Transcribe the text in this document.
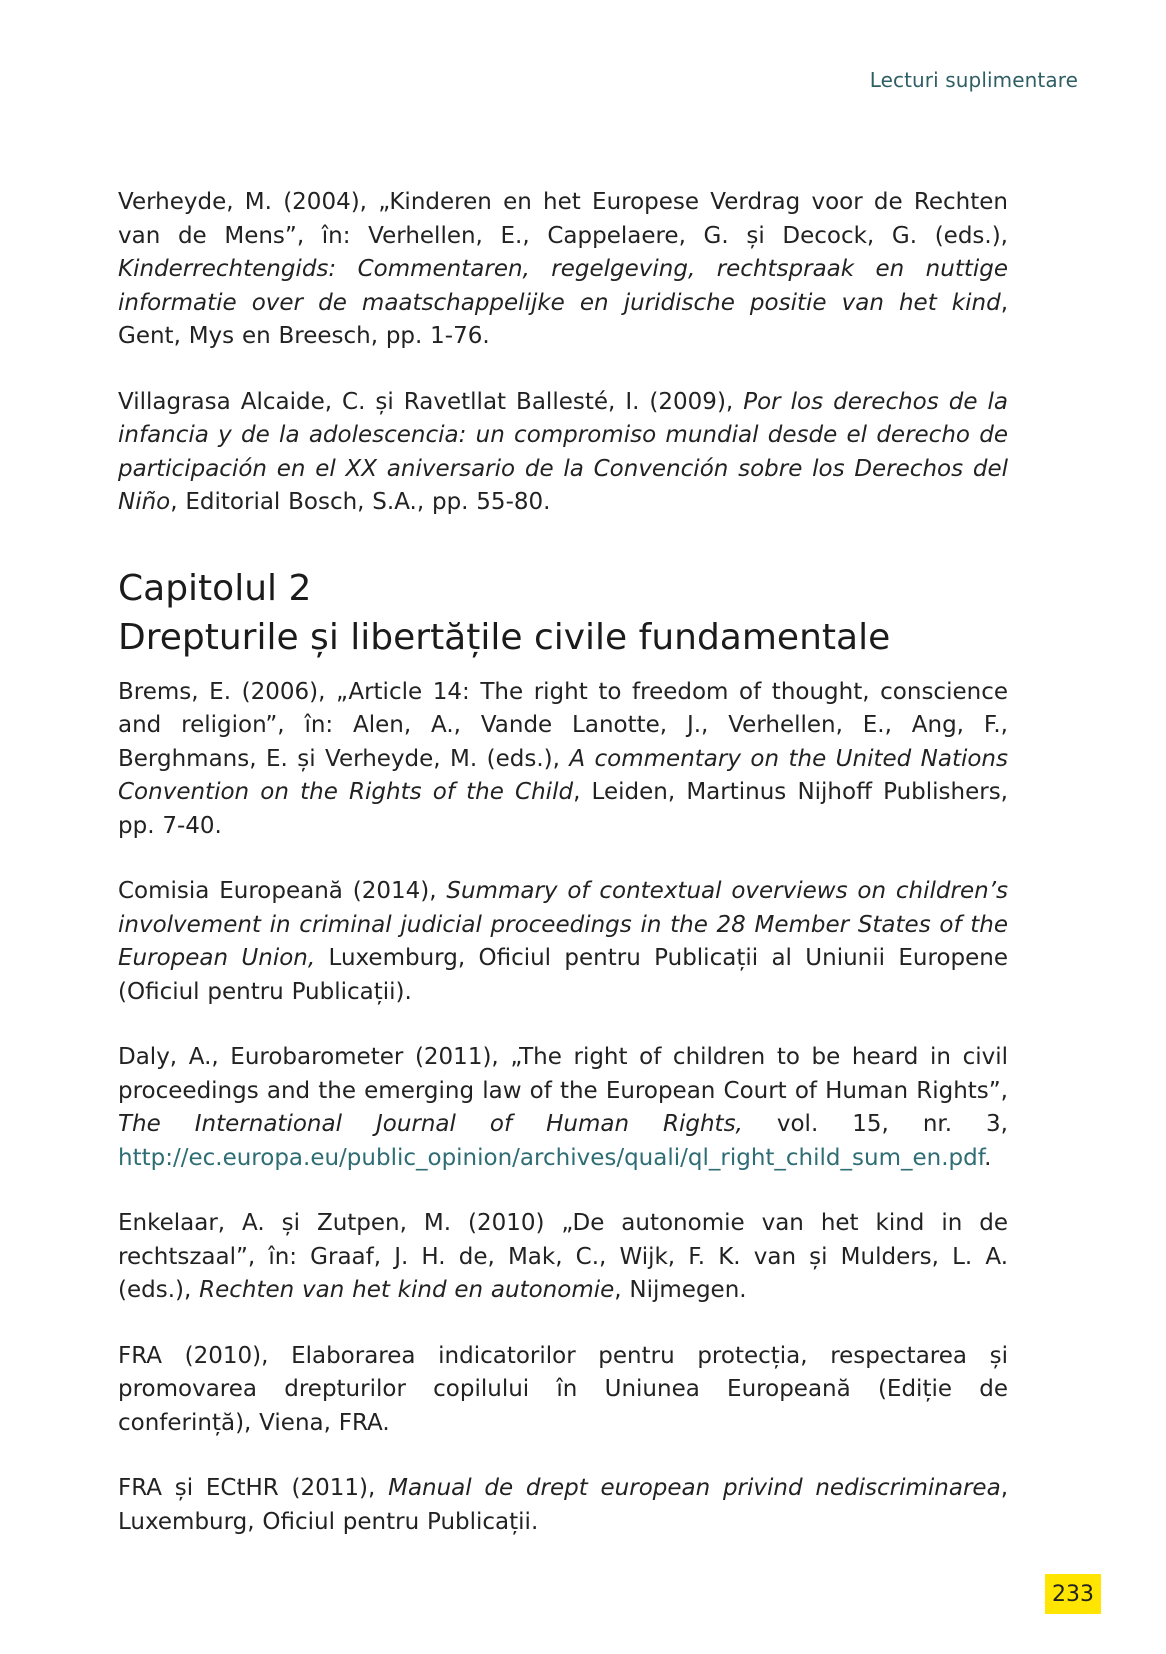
Lecturi suplimentare

Verheyde, M. (2004), „Kinderen en het Europese Verdrag voor de Rechten van de Mens”, în: Verhellen, E., Cappelaere, G. și Decock, G. (eds.), Kinderrechtengids: Commentaren, regelgeving, rechtspraak en nuttige informatie over de maatschappelijke en juridische positie van het kind, Gent, Mys en Breesch, pp. 1-76.

Villagrasa Alcaide, C. și Ravetllat Ballesté, I. (2009), Por los derechos de la infancia y de la adolescencia: un compromiso mundial desde el derecho de participación en el XX aniversario de la Convención sobre los Derechos del Niño, Editorial Bosch, S.A., pp. 55-80.

Capitolul 2
Drepturile și libertățile civile fundamentale

Brems, E. (2006), „Article 14: The right to freedom of thought, conscience and religion”, în: Alen, A., Vande Lanotte, J., Verhellen, E., Ang, F., Berghmans, E. și Verheyde, M. (eds.), A commentary on the United Nations Convention on the Rights of the Child, Leiden, Martinus Nijhoff Publishers, pp. 7-40.

Comisia Europeană (2014), Summary of contextual overviews on children’s involvement in criminal judicial proceedings in the 28 Member States of the European Union, Luxemburg, Oficiul pentru Publicații al Uniunii Europene (Oficiul pentru Publicații).

Daly, A., Eurobarometer (2011), „The right of children to be heard in civil proceedings and the emerging law of the European Court of Human Rights”, The International Journal of Human Rights, vol. 15, nr. 3, http://ec.europa.eu/public_opinion/archives/quali/ql_right_child_sum_en.pdf.

Enkelaar, A. și Zutpen, M. (2010) „De autonomie van het kind in de rechtszaal”, în: Graaf, J. H. de, Mak, C., Wijk, F. K. van și Mulders, L. A. (eds.), Rechten van het kind en autonomie, Nijmegen.

FRA (2010), Elaborarea indicatorilor pentru protecția, respectarea și promovarea drepturilor copilului în Uniunea Europeană (Ediție de conferință), Viena, FRA.

FRA și ECtHR (2011), Manual de drept european privind nediscriminarea, Luxemburg, Oficiul pentru Publicații.

233
